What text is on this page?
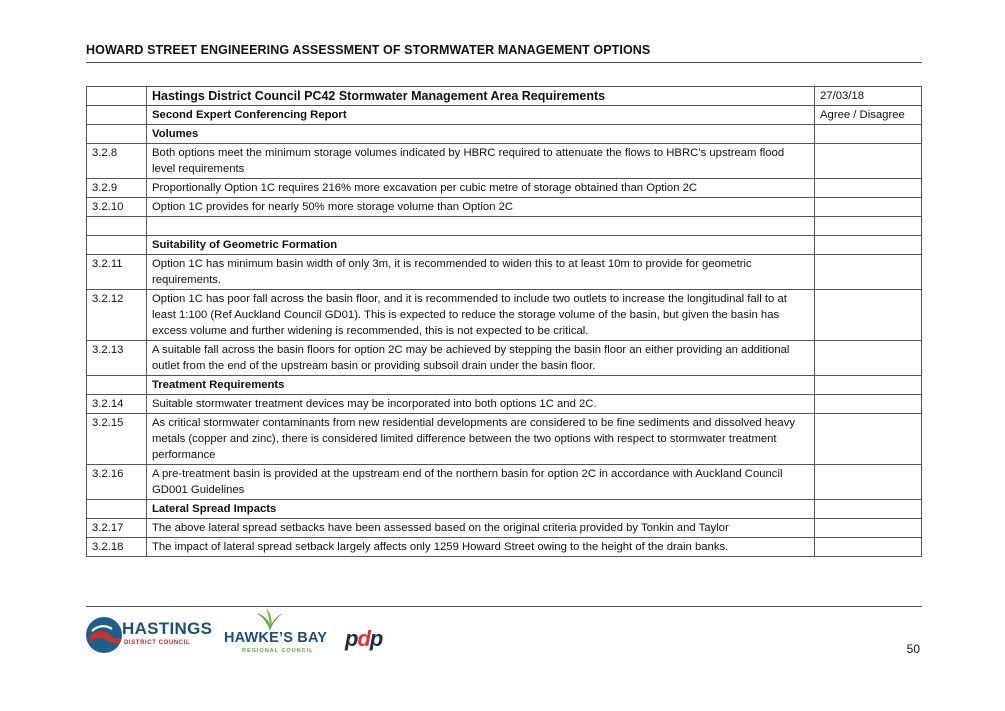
HOWARD STREET ENGINEERING ASSESSMENT OF STORMWATER MANAGEMENT OPTIONS
	Hastings District Council PC42 Stormwater Management Area Requirements	27/03/18
	Second Expert Conferencing Report	Agree / Disagree
	Volumes	
3.2.8	Both options meet the minimum storage volumes indicated by HBRC required to attenuate the flows to HBRC’s upstream flood level requirements	
3.2.9	Proportionally Option 1C requires 216% more excavation per cubic metre of storage obtained than Option 2C	
3.2.10	Option 1C provides for nearly 50% more storage volume than Option 2C	

	Suitability of Geometric Formation	
3.2.11	Option 1C has minimum basin width of only 3m, it is recommended to widen this to at least 10m to provide for geometric requirements.	
3.2.12	Option 1C has poor fall across the basin floor, and it is recommended to include two outlets to increase the longitudinal fall to at least 1:100 (Ref Auckland Council GD01). This is expected to reduce the storage volume of the basin, but given the basin has excess volume and further widening is recommended, this is not expected to be critical.	
3.2.13	A suitable fall across the basin floors for option 2C may be achieved by stepping the basin floor an either providing an additional outlet from the end of the upstream basin or providing subsoil drain under the basin floor.	
	Treatment Requirements	
3.2.14	Suitable stormwater treatment devices may be incorporated into both options 1C and 2C.	
3.2.15	As critical stormwater contaminants from new residential developments are considered to be fine sediments and dissolved heavy metals (copper and zinc), there is considered limited difference between the two options with respect to stormwater treatment performance	
3.2.16	A pre-treatment basin is provided at the upstream end of the northern basin for option 2C in accordance with Auckland Council GD001 Guidelines	
	Lateral Spread Impacts	
3.2.17	The above lateral spread setbacks have been assessed based on the original criteria provided by Tonkin and Taylor	
3.2.18	The impact of lateral spread setback largely affects only 1259 Howard Street owing to the height of the drain banks.	
HASTINGS
DISTRICT COUNCIL HAWKE’S BAY
REGIONAL COUNCIL pdp	50
